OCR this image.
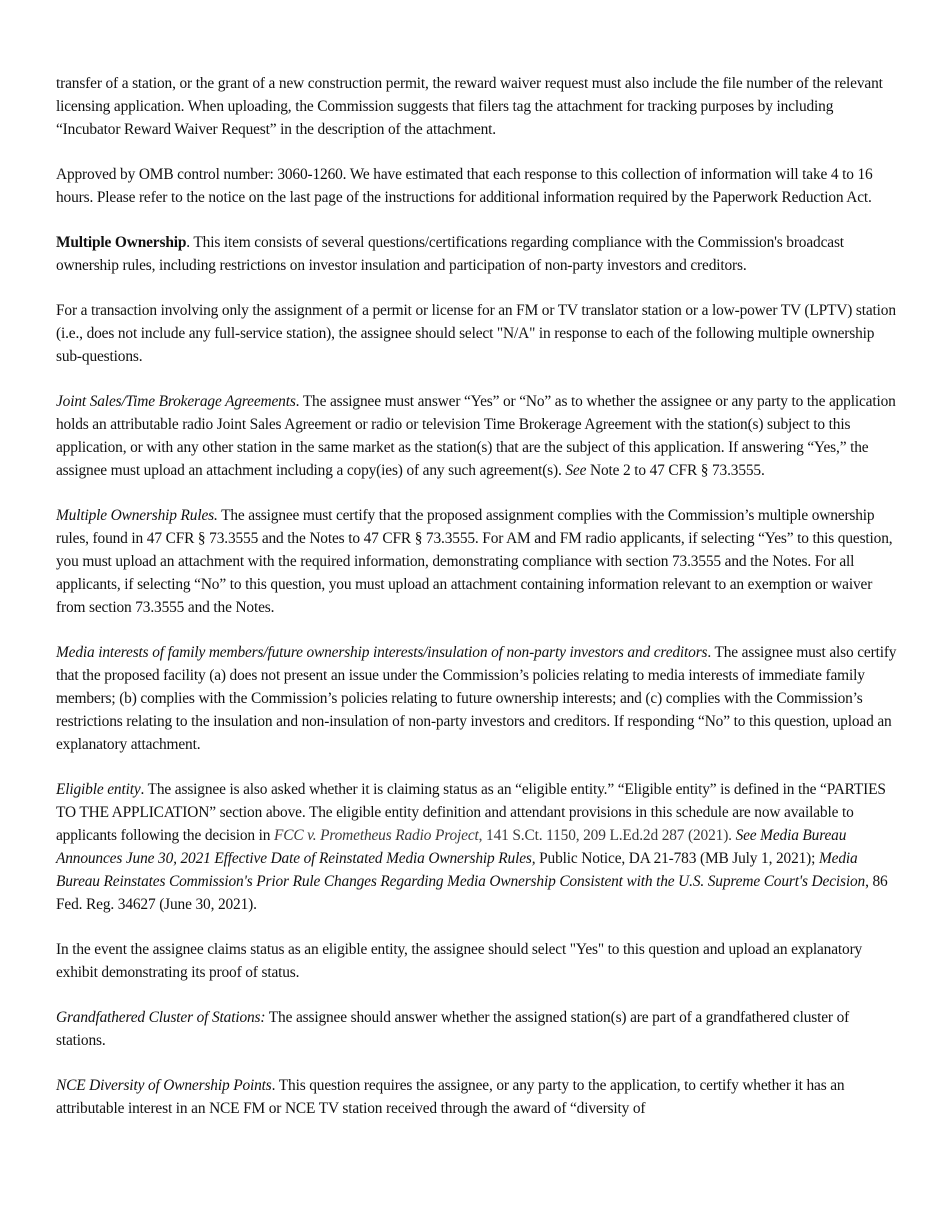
transfer of a station, or the grant of a new construction permit, the reward waiver request must also include the file number of the relevant licensing application. When uploading, the Commission suggests that filers tag the attachment for tracking purposes by including “Incubator Reward Waiver Request” in the description of the attachment.

Approved by OMB control number: 3060-1260. We have estimated that each response to this collection of information will take 4 to 16 hours. Please refer to the notice on the last page of the instructions for additional information required by the Paperwork Reduction Act.

Multiple Ownership. This item consists of several questions/certifications regarding compliance with the Commission's broadcast ownership rules, including restrictions on investor insulation and participation of non-party investors and creditors.

For a transaction involving only the assignment of a permit or license for an FM or TV translator station or a low-power TV (LPTV) station (i.e., does not include any full-service station), the assignee should select "N/A" in response to each of the following multiple ownership sub-questions.

Joint Sales/Time Brokerage Agreements. The assignee must answer “Yes” or “No” as to whether the assignee or any party to the application holds an attributable radio Joint Sales Agreement or radio or television Time Brokerage Agreement with the station(s) subject to this application, or with any other station in the same market as the station(s) that are the subject of this application. If answering “Yes,” the assignee must upload an attachment including a copy(ies) of any such agreement(s). See Note 2 to 47 CFR § 73.3555.

Multiple Ownership Rules. The assignee must certify that the proposed assignment complies with the Commission’s multiple ownership rules, found in 47 CFR § 73.3555 and the Notes to 47 CFR § 73.3555. For AM and FM radio applicants, if selecting “Yes” to this question, you must upload an attachment with the required information, demonstrating compliance with section 73.3555 and the Notes. For all applicants, if selecting “No” to this question, you must upload an attachment containing information relevant to an exemption or waiver from section 73.3555 and the Notes.

Media interests of family members/future ownership interests/insulation of non-party investors and creditors. The assignee must also certify that the proposed facility (a) does not present an issue under the Commission’s policies relating to media interests of immediate family members; (b) complies with the Commission’s policies relating to future ownership interests; and (c) complies with the Commission’s restrictions relating to the insulation and non-insulation of non-party investors and creditors. If responding “No” to this question, upload an explanatory attachment.

Eligible entity. The assignee is also asked whether it is claiming status as an “eligible entity.” “Eligible entity” is defined in the “PARTIES TO THE APPLICATION” section above. The eligible entity definition and attendant provisions in this schedule are now available to applicants following the decision in FCC v. Prometheus Radio Project, 141 S.Ct. 1150, 209 L.Ed.2d 287 (2021). See Media Bureau Announces June 30, 2021 Effective Date of Reinstated Media Ownership Rules, Public Notice, DA 21-783 (MB July 1, 2021); Media Bureau Reinstates Commission's Prior Rule Changes Regarding Media Ownership Consistent with the U.S. Supreme Court's Decision, 86 Fed. Reg. 34627 (June 30, 2021).

In the event the assignee claims status as an eligible entity, the assignee should select "Yes" to this question and upload an explanatory exhibit demonstrating its proof of status.

Grandfathered Cluster of Stations: The assignee should answer whether the assigned station(s) are part of a grandfathered cluster of stations.

NCE Diversity of Ownership Points. This question requires the assignee, or any party to the application, to certify whether it has an attributable interest in an NCE FM or NCE TV station received through the award of “diversity of
